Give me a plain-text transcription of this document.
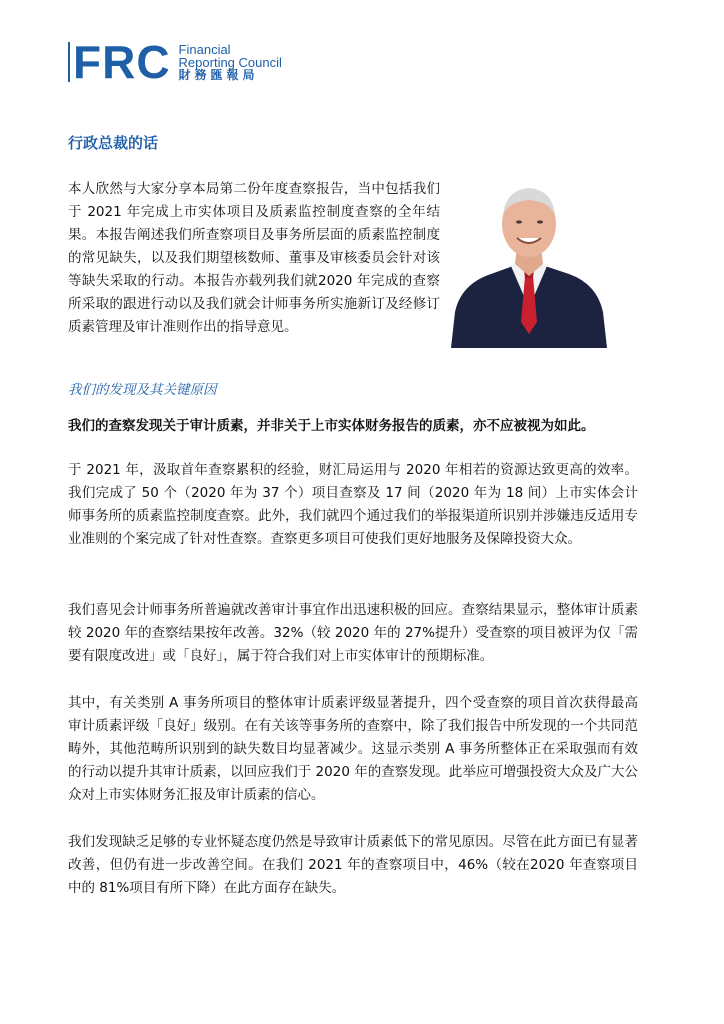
FRC Financial
Reporting Council
財務匯報局
行政总裁的话
本人欣然与大家分享本局第二份年度查察报告，当中包括我们于 2021 年完成上市实体项目及质素监控制度查察的全年结果。本报告阐述我们所查察项目及事务所层面的质素监控制度的常见缺失，以及我们期望核数师、董事及审核委员会针对该等缺失采取的行动。本报告亦载列我们就2020 年完成的查察所采取的跟进行动以及我们就会计师事务所实施新订及经修订质素管理及审计准则作出的指导意见。
我们的发现及其关键原因
我们的查察发现关于审计质素，并非关于上市实体财务报告的质素，亦不应被视为如此。

于 2021 年，汲取首年查察累积的经验，财汇局运用与 2020 年相若的资源达致更高的效率。我们完成了 50 个（2020 年为 37 个）项目查察及 17 间（2020 年为 18 间）上市实体会计师事务所的质素监控制度查察。此外，我们就四个通过我们的举报渠道所识别并涉嫌违反适用专业准则的个案完成了针对性查察。查察更多项目可使我们更好地服务及保障投资大众。

我们喜见会计师事务所普遍就改善审计事宜作出迅速积极的回应。查察结果显示，整体审计质素较 2020 年的查察结果按年改善。32%（较 2020 年的 27%提升）受查察的项目被评为仅「需要有限度改进」或「良好」，属于符合我们对上市实体审计的预期标准。

其中，有关类别 A 事务所项目的整体审计质素评级显著提升，四个受查察的项目首次获得最高审计质素评级「良好」级别。在有关该等事务所的查察中，除了我们报告中所发现的一个共同范畴外，其他范畴所识别到的缺失数目均显著减少。这显示类别 A 事务所整体正在采取强而有效的行动以提升其审计质素，以回应我们于 2020 年的查察发现。此举应可增强投资大众及广大公众对上市实体财务汇报及审计质素的信心。

我们发现缺乏足够的专业怀疑态度仍然是导致审计质素低下的常见原因。尽管在此方面已有显著改善，但仍有进一步改善空间。在我们 2021 年的查察项目中，46%（较在2020 年查察项目中的 81%项目有所下降）在此方面存在缺失。
